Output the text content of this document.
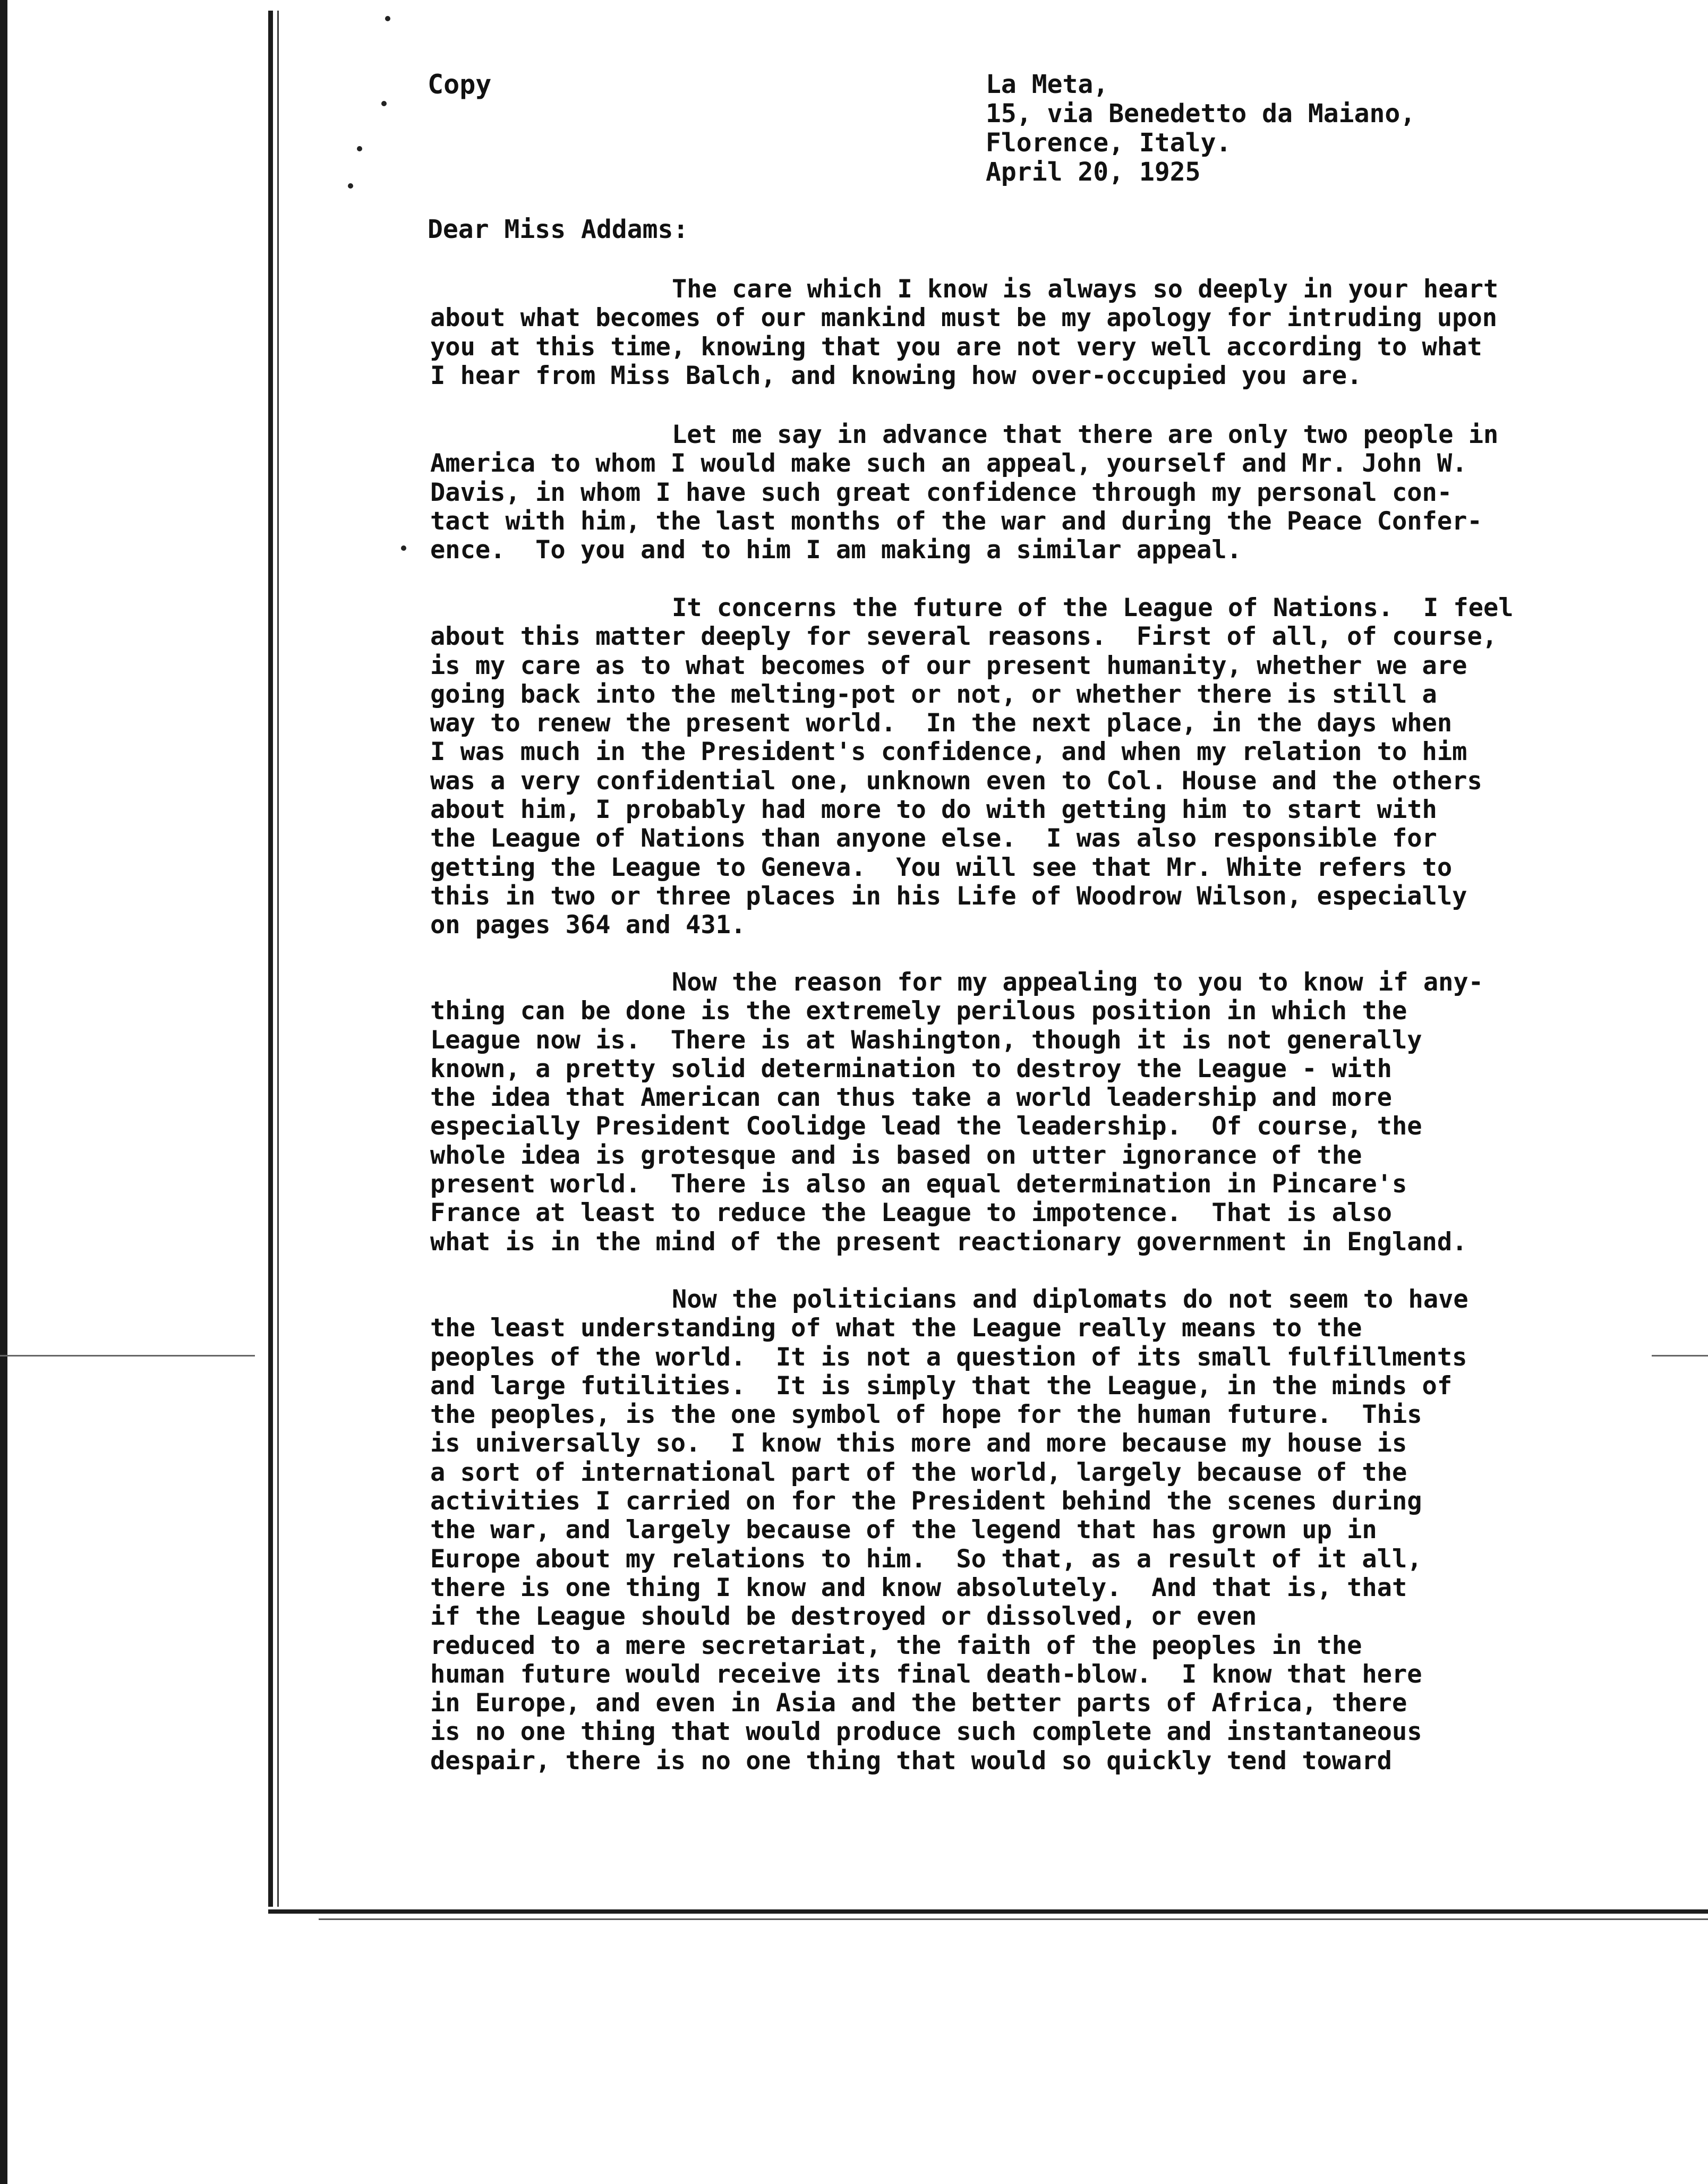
Copy	La Meta,
15, via Benedetto da Maiano,
Florence, Italy.
April 20, 1925
Dear Miss Addams:
The care which I know is always so deeply in your heart
about what becomes of our mankind must be my apology for intruding upon
you at this time, knowing that you are not very well according to what
I hear from Miss Balch, and knowing how over-occupied you are.
Let me say in advance that there are only two people in
America to whom I would make such an appeal, yourself and Mr. John W.
Davis, in whom I have such great confidence through my personal con-
tact with him, the last months of the war and during the Peace Confer-
ence.  To you and to him I am making a similar appeal.
It concerns the future of the League of Nations.  I feel
about this matter deeply for several reasons.  First of all, of course,
is my care as to what becomes of our present humanity, whether we are
going back into the melting-pot or not, or whether there is still a
way to renew the present world.  In the next place, in the days when
I was much in the President's confidence, and when my relation to him
was a very confidential one, unknown even to Col. House and the others
about him, I probably had more to do with getting him to start with
the League of Nations than anyone else.  I was also responsible for
getting the League to Geneva.  You will see that Mr. White refers to
this in two or three places in his Life of Woodrow Wilson, especially
on pages 364 and 431.
Now the reason for my appealing to you to know if any-
thing can be done is the extremely perilous position in which the
League now is.  There is at Washington, though it is not generally
known, a pretty solid determination to destroy the League - with
the idea that American can thus take a world leadership and more
especially President Coolidge lead the leadership.  Of course, the
whole idea is grotesque and is based on utter ignorance of the
present world.  There is also an equal determination in Pincare's
France at least to reduce the League to impotence.  That is also
what is in the mind of the present reactionary government in England.
Now the politicians and diplomats do not seem to have
the least understanding of what the League really means to the
peoples of the world.  It is not a question of its small fulfillments
and large futilities.  It is simply that the League, in the minds of
the peoples, is the one symbol of hope for the human future.  This
is universally so.  I know this more and more because my house is
a sort of international part of the world, largely because of the
activities I carried on for the President behind the scenes during
the war, and largely because of the legend that has grown up in
Europe about my relations to him.  So that, as a result of it all,
there is one thing I know and know absolutely.  And that is, that
if the League should be destroyed or dissolved, or even
reduced to a mere secretariat, the faith of the peoples in the
human future would receive its final death-blow.  I know that here
in Europe, and even in Asia and the better parts of Africa, there
is no one thing that would produce such complete and instantaneous
despair, there is no one thing that would so quickly tend toward
